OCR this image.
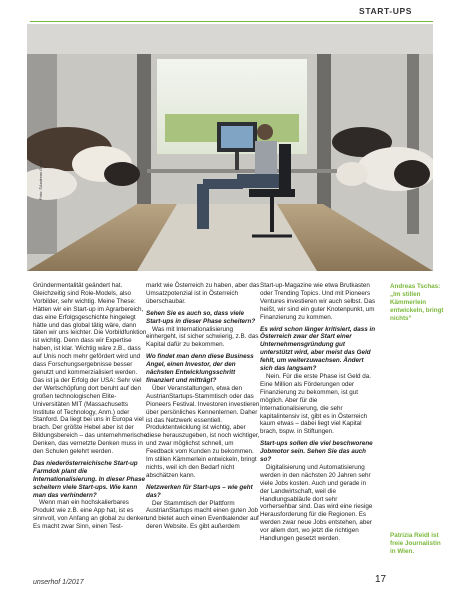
START-UPS
Foto: ©Andreas Gehrt

Gründermentalität geändert hat. Gleichzeitig sind Role-Models, also Vorbilder, sehr wichtig. Meine These: Hätten wir ein Start-up im Agrarbereich, das eine Erfolgsgeschichte hingelegt hätte und das global tätig wäre, dann täten wir uns leichter. Die Vorbildfunktion ist wichtig. Denn dass wir Expertise haben, ist klar. Wichtig wäre z.B., dass auf Unis noch mehr gefördert wird und dass Forschungsergebnisse besser genutzt und kommerzialisiert werden. Das ist ja der Erfolg der USA: Sehr viel der Wertschöpfung dort beruht auf den großen technologischen Elite-Universitäten MIT (Massachusetts Institute of Technology, Anm.) oder Stanford. Da liegt bei uns in Europa viel brach. Der größte Hebel aber ist der Bildungsbereich – das unternehmerische Denken, das vernetzte Denken muss in den Schulen gelehrt werden.

Das niederösterreichische Start-up Farmdok plant die Internationalisierung. In dieser Phase scheitern viele Start-ups. Wie kann man das verhindern?

Wenn man ein hochskalierbares Produkt wie z.B. eine App hat, ist es sinnvoll, von Anfang an global zu denken. Es macht zwar Sinn, einen Test-

markt wie Österreich zu haben, aber das Umsatzpotenzial ist in Österreich überschaubar.

Sehen Sie es auch so, dass viele Start-ups in dieser Phase scheitern?

Was mit Internationalisierung einhergeht, ist sicher schwierig, z.B. das Kapital dafür zu bekommen.

Wo findet man denn diese Business Angel, einen Investor, der den nächsten Entwicklungsschritt finanziert und mitträgt?

Über Veranstaltungen, etwa den AustrianStartups-Stammtisch oder das Pioneers Festival. Investoren investieren über persönliches Kennenlernen. Daher ist das Netzwerk essentiell. Produktentwicklung ist wichtig, aber diese herauszugeben, ist noch wichtiger, und zwar möglichst schnell, um Feedback vom Kunden zu bekommen. Im stillen Kämmerlein entwickeln, bringt nichts, weil ich den Bedarf nicht abschätzen kann.

Netzwerken für Start-ups – wie geht das?

Der Stammtisch der Plattform AustrianStartups macht einen guten Job und bietet auch einen Eventkalender auf deren Website. Es gibt außerdem

Start-up-Magazine wie etwa Brutkasten oder Trending Topics. Und mit Pioneers Ventures investieren wir auch selbst. Das heißt, wir sind ein guter Knotenpunkt, um Finanzierung zu kommen.

Es wird schon länger kritisiert, dass in Österreich zwar der Start einer Unternehmensgründung gut unterstützt wird, aber meist das Geld fehlt, um weiterzuwachsen. Ändert sich das langsam?

Nein. Für die erste Phase ist Geld da. Eine Million als Förderungen oder Finanzierung zu bekommen, ist gut möglich. Aber für die Internationalisierung, die sehr kapitalintensiv ist, gibt es in Österreich kaum etwas – dabei liegt viel Kapital brach, bspw. in Stiftungen.

Start-ups sollen die viel beschworene Jobmotor sein. Sehen Sie das auch so?

Digitalisierung und Automatisierung werden in den nächsten 20 Jahren sehr viele Jobs kosten. Auch und gerade in der Landwirtschaft, weil die Handlungsabläufe dort sehr vorhersehbar sind. Das wird eine riesige Herausforderung für die Regionen. Es werden zwar neue Jobs entstehen, aber vor allem dort, wo jetzt die richtigen Handlungen gesetzt werden.

Andreas Tschas: „Im stillen Kämmerlein entwickeln, bringt nichts“
Patrizia Reidl ist freie Journalistin in Wien.
unserhof 1/2017	17
